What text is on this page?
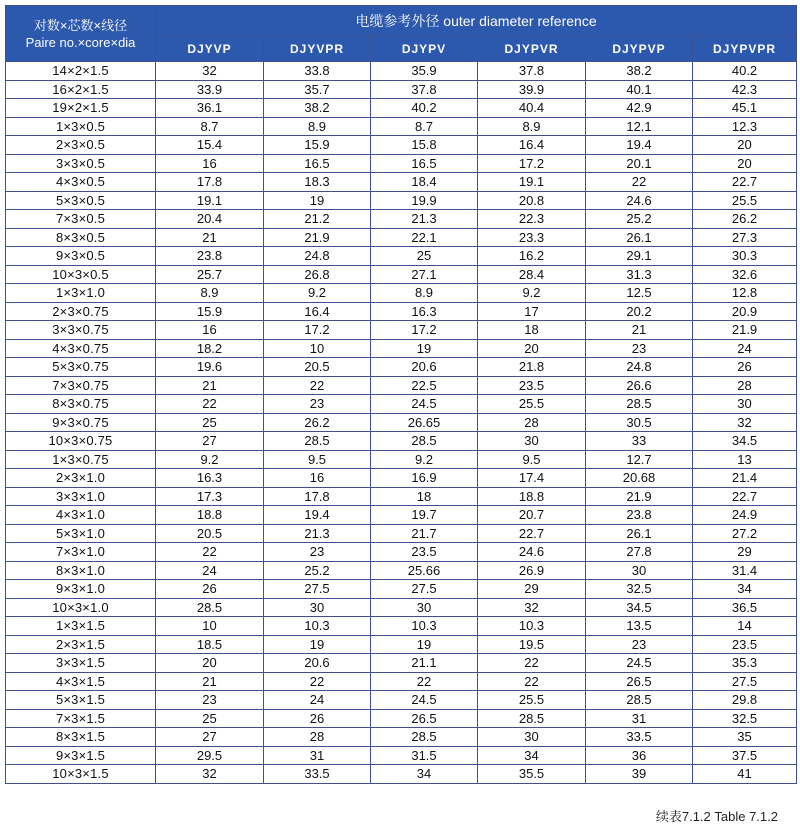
对数×芯数×线径
Paire no.×core×dia	电缆参考外径 outer diameter reference					
	DJYVP	DJYVPR	DJYPV	DJYPVR	DJYPVP	DJYPVPR
14×2×1.5	32	33.8	35.9	37.8	38.2	40.2
16×2×1.5	33.9	35.7	37.8	39.9	40.1	42.3
19×2×1.5	36.1	38.2	40.2	40.4	42.9	45.1
1×3×0.5	8.7	8.9	8.7	8.9	12.1	12.3
2×3×0.5	15.4	15.9	15.8	16.4	19.4	20
3×3×0.5	16	16.5	16.5	17.2	20.1	20
4×3×0.5	17.8	18.3	18.4	19.1	22	22.7
5×3×0.5	19.1	19	19.9	20.8	24.6	25.5
7×3×0.5	20.4	21.2	21.3	22.3	25.2	26.2
8×3×0.5	21	21.9	22.1	23.3	26.1	27.3
9×3×0.5	23.8	24.8	25	16.2	29.1	30.3
10×3×0.5	25.7	26.8	27.1	28.4	31.3	32.6
1×3×1.0	8.9	9.2	8.9	9.2	12.5	12.8
2×3×0.75	15.9	16.4	16.3	17	20.2	20.9
3×3×0.75	16	17.2	17.2	18	21	21.9
4×3×0.75	18.2	10	19	20	23	24
5×3×0.75	19.6	20.5	20.6	21.8	24.8	26
7×3×0.75	21	22	22.5	23.5	26.6	28
8×3×0.75	22	23	24.5	25.5	28.5	30
9×3×0.75	25	26.2	26.65	28	30.5	32
10×3×0.75	27	28.5	28.5	30	33	34.5
1×3×0.75	9.2	9.5	9.2	9.5	12.7	13
2×3×1.0	16.3	16	16.9	17.4	20.68	21.4
3×3×1.0	17.3	17.8	18	18.8	21.9	22.7
4×3×1.0	18.8	19.4	19.7	20.7	23.8	24.9
5×3×1.0	20.5	21.3	21.7	22.7	26.1	27.2
7×3×1.0	22	23	23.5	24.6	27.8	29
8×3×1.0	24	25.2	25.66	26.9	30	31.4
9×3×1.0	26	27.5	27.5	29	32.5	34
10×3×1.0	28.5	30	30	32	34.5	36.5
1×3×1.5	10	10.3	10.3	10.3	13.5	14
2×3×1.5	18.5	19	19	19.5	23	23.5
3×3×1.5	20	20.6	21.1	22	24.5	35.3
4×3×1.5	21	22	22	22	26.5	27.5
5×3×1.5	23	24	24.5	25.5	28.5	29.8
7×3×1.5	25	26	26.5	28.5	31	32.5
8×3×1.5	27	28	28.5	30	33.5	35
9×3×1.5	29.5	31	31.5	34	36	37.5
10×3×1.5	32	33.5	34	35.5	39	41
续表7.1.2 Table 7.1.2
